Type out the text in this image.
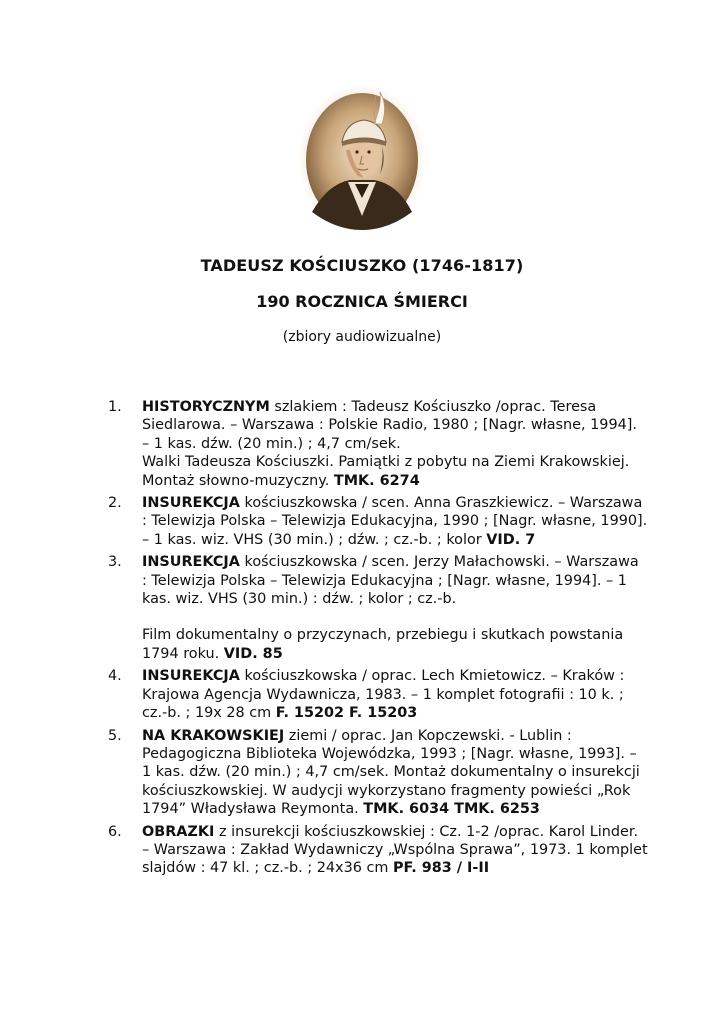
TADEUSZ KOŚCIUSZKO (1746-1817)
190 ROCZNICA ŚMIERCI

(zbiory audiowizualne)

1.	HISTORYCZNYM szlakiem : Tadeusz Kościuszko /oprac. Teresa Siedlarowa. – Warszawa : Polskie Radio, 1980 ; [Nagr. własne, 1994]. – 1 kas. dźw. (20 min.) ; 4,7 cm/sek.
Walki Tadeusza Kościuszki. Pamiątki z pobytu na Ziemi Krakowskiej. Montaż słowno-muzyczny. TMK. 6274
2.	INSUREKCJA kościuszkowska / scen. Anna Graszkiewicz. – Warszawa : Telewizja Polska – Telewizja Edukacyjna, 1990 ; [Nagr. własne, 1990]. – 1 kas. wiz. VHS (30 min.) ; dźw. ; cz.-b. ; kolor VID. 7
3.	INSUREKCJA kościuszkowska / scen. Jerzy Małachowski. – Warszawa : Telewizja Polska – Telewizja Edukacyjna ; [Nagr. własne, 1994]. – 1 kas. wiz. VHS (30 min.) : dźw. ; kolor ; cz.-b.
Film dokumentalny o przyczynach, przebiegu i skutkach powstania 1794 roku. VID. 85
4.	INSUREKCJA kościuszkowska / oprac. Lech Kmietowicz. – Kraków : Krajowa Agencja Wydawnicza, 1983. – 1 komplet fotografii : 10 k. ; cz.-b. ; 19x 28 cm F. 15202 F. 15203
5.	NA KRAKOWSKIEJ ziemi / oprac. Jan Kopczewski. - Lublin : Pedagogiczna Biblioteka Wojewódzka, 1993 ; [Nagr. własne, 1993]. – 1 kas. dźw. (20 min.) ; 4,7 cm/sek. Montaż dokumentalny o insurekcji kościuszkowskiej. W audycji wykorzystano fragmenty powieści „Rok 1794” Władysława Reymonta. TMK. 6034 TMK. 6253
6.	OBRAZKI z insurekcji kościuszkowskiej : Cz. 1-2 /oprac. Karol Linder. – Warszawa : Zakład Wydawniczy „Wspólna Sprawa”, 1973. 1 komplet slajdów : 47 kl. ; cz.-b. ; 24x36 cm PF. 983 / I-II
